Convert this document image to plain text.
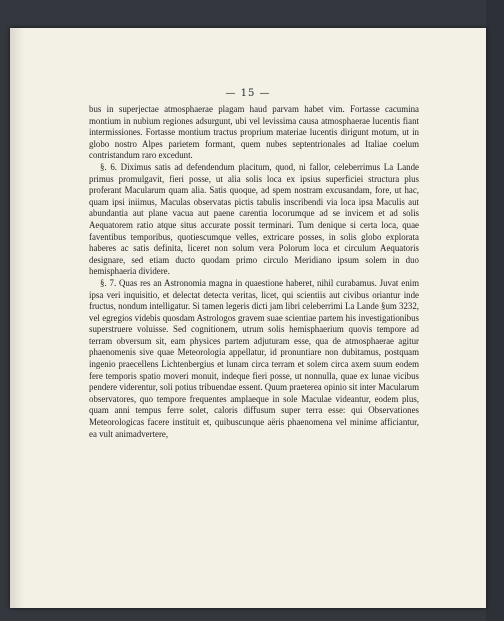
— 15 —

bus in superjectae atmosphaerae plagam haud parvam habet vim. Fortasse cacumina montium in nubium regiones adsurgunt, ubi vel levissima causa atmosphaerae lucentis fiant intermissiones. Fortasse montium tractus proprium materiae lucentis dirigunt motum, ut in globo nostro Alpes parietem formant, quem nubes septentrionales ad Italiae coelum contristandum raro excedunt.

§. 6. Diximus satis ad defendendum placitum, quod, ni fallor, celeberrimus La Lande primus promulgavit, fieri posse, ut alia solis loca ex ipsius superficiei structura plus proferant Macularum quam alia. Satis quoque, ad spem nostram excusandam, fore, ut hac, quam ipsi iniimus, Maculas observatas pictis tabulis inscribendi via loca ipsa Maculis aut abundantia aut plane vacua aut paene carentia locorumque ad se invicem et ad solis Aequatorem ratio atque situs accurate possit terminari. Tum denique si certa loca, quae faventibus temporibus, quotiescumque velles, extricare posses, in solis globo explorata haberes ac satis definita, liceret non solum vera Polorum loca et circulum Aequatoris designare, sed etiam ducto quodam primo circulo Meridiano ipsum solem in duo hemisphaeria dividere.

§. 7. Quas res an Astronomia magna in quaestione haberet, nihil curabamus. Juvat enim ipsa veri inquisitio, et delectat detecta veritas, licet, qui scientiis aut civibus oriantur inde fructus, nondum intelligatur. Si tamen legeris dicti jam libri celeberrimi La Lande §um 3232, vel egregios videbis quosdam Astrologos gravem suae scientiae partem his investigationibus superstruere voluisse. Sed cognitionem, utrum solis hemisphaerium quovis tempore ad terram obversum sit, eam physices partem adjuturam esse, qua de atmosphaerae agitur phaenomenis sive quae Meteorologia appellatur, id pronuntiare non dubitamus, postquam ingenio praecellens Lichtenbergius et lunam circa terram et solem circa axem suum eodem fere temporis spatio moveri monuit, indeque fieri posse, ut nonnulla, quae ex lunae vicibus pendere viderentur, soli potius tribuendae essent. Quum praeterea opinio sit inter Macularum observatores, quo tempore frequentes amplaeque in sole Maculae videantur, eodem plus, quam anni tempus ferre solet, caloris diffusum super terra esse: qui Observationes Meteorologicas facere instituit et, quibuscunque aëris phaenomena vel minime afficiantur, ea vult animadvertere,
